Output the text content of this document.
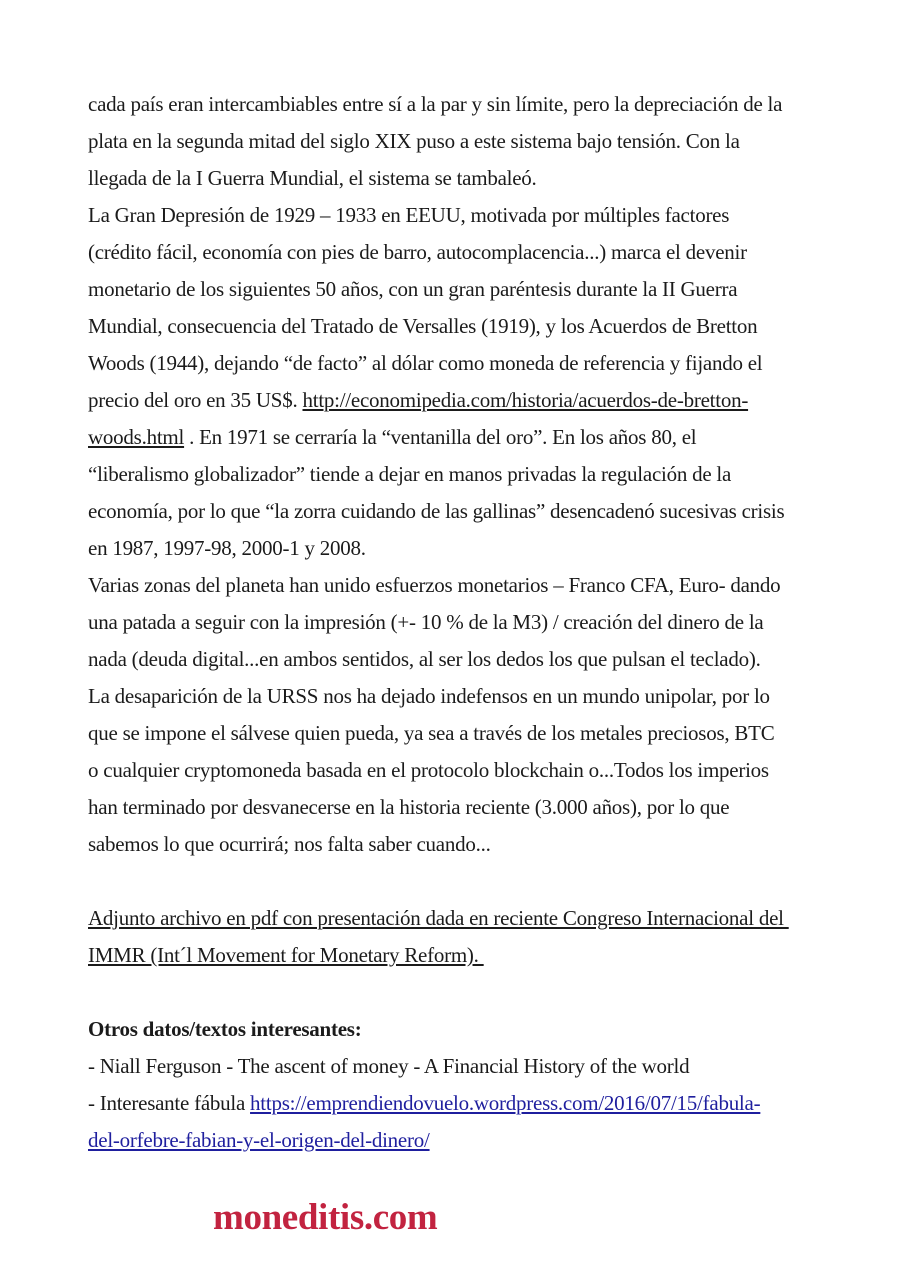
cada país eran intercambiables entre sí a la par y sin límite, pero la depreciación de la
plata en la segunda mitad del siglo XIX puso a este sistema bajo tensión. Con la
llegada de la I Guerra Mundial, el sistema se tambaleó.
La Gran Depresión de 1929 – 1933 en EEUU, motivada por múltiples factores
(crédito fácil, economía con pies de barro, autocomplacencia...) marca el devenir
monetario de los siguientes 50 años, con un gran paréntesis durante la II Guerra
Mundial, consecuencia del Tratado de Versalles (1919), y los Acuerdos de Bretton
Woods (1944), dejando “de facto” al dólar como moneda de referencia y fijando el
precio del oro en 35 US$. http://economipedia.com/historia/acuerdos-de-bretton-
woods.html . En 1971 se cerraría la “ventanilla del oro”. En los años 80, el
“liberalismo globalizador” tiende a dejar en manos privadas la regulación de la
economía, por lo que “la zorra cuidando de las gallinas” desencadenó sucesivas crisis
en 1987, 1997-98, 2000-1 y 2008.
Varias zonas del planeta han unido esfuerzos monetarios – Franco CFA, Euro- dando
una patada a seguir con la impresión (+- 10 % de la M3) / creación del dinero de la
nada (deuda digital...en ambos sentidos, al ser los dedos los que pulsan el teclado).
La desaparición de la URSS nos ha dejado indefensos en un mundo unipolar, por lo
que se impone el sálvese quien pueda, ya sea a través de los metales preciosos, BTC
o cualquier cryptomoneda basada en el protocolo blockchain o...Todos los imperios
han terminado por desvanecerse en la historia reciente (3.000 años), por lo que
sabemos lo que ocurrirá; nos falta saber cuando...
Adjunto archivo en pdf con presentación dada en reciente Congreso Internacional del
IMMR (Int´l Movement for Monetary Reform).
Otros datos/textos interesantes:
- Niall Ferguson - The ascent of money - A Financial History of the world
- Interesante fábula https://emprendiendovuelo.wordpress.com/2016/07/15/fabula-
del-orfebre-fabian-y-el-origen-del-dinero/
moneditis.com
